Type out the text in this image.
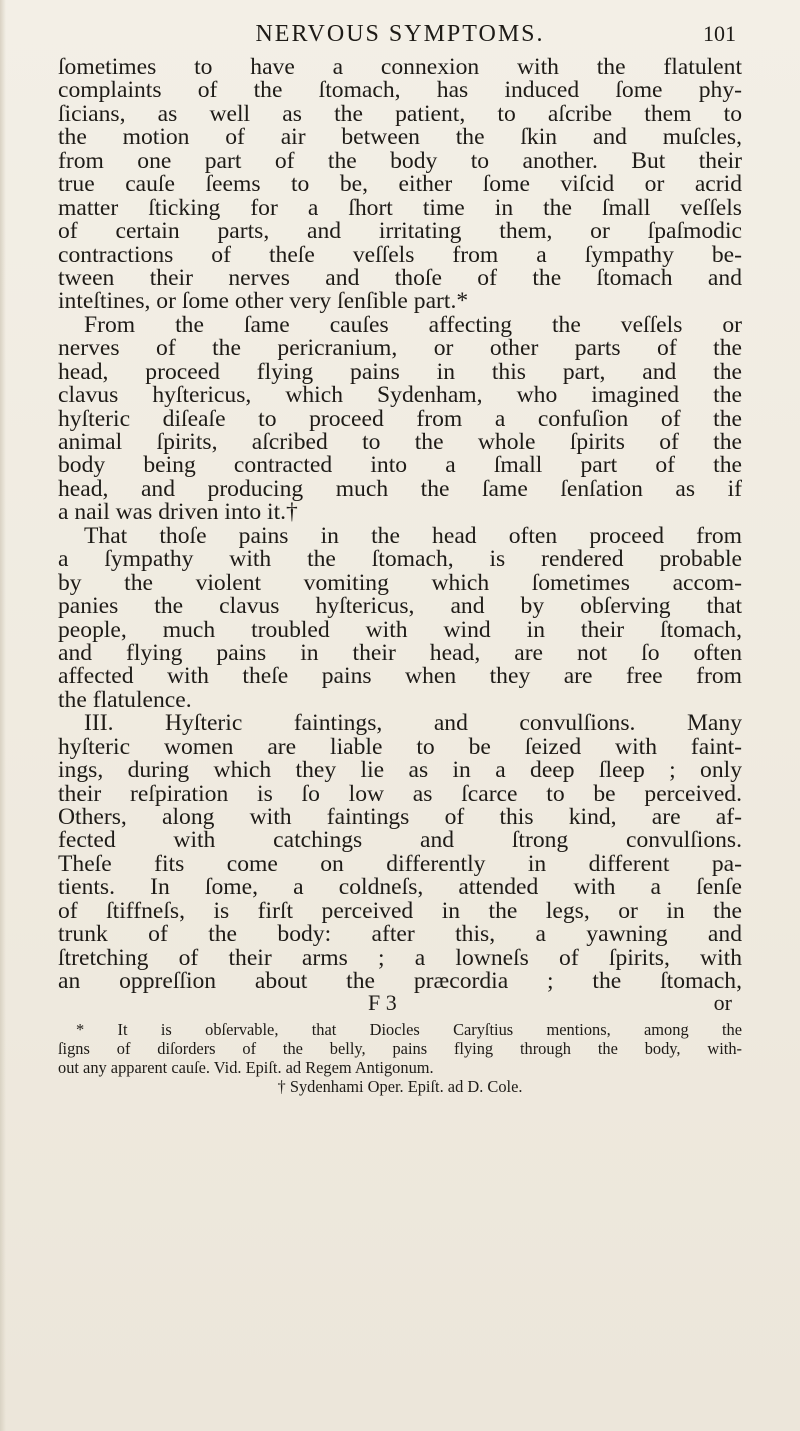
NERVOUS SYMPTOMS.	101
ſometimes to have a connexion with the flatulent
complaints of the ſtomach, has induced ſome phy-
ſicians, as well as the patient, to aſcribe them to
the motion of air between the ſkin and muſcles,
from one part of the body to another. But their
true cauſe ſeems to be, either ſome viſcid or acrid
matter ſticking for a ſhort time in the ſmall veſſels
of certain parts, and irritating them, or ſpaſmodic
contractions of theſe veſſels from a ſympathy be-
tween their nerves and thoſe of the ſtomach and
inteſtines, or ſome other very ſenſible part.*
From the ſame cauſes affecting the veſſels or
nerves of the pericranium, or other parts of the
head, proceed flying pains in this part, and the
clavus hyſtericus, which Sydenham, who imagined the
hyſteric diſeaſe to proceed from a confuſion of the
animal ſpirits, aſcribed to the whole ſpirits of the
body being contracted into a ſmall part of the
head, and producing much the ſame ſenſation as if
a nail was driven into it.†
That thoſe pains in the head often proceed from
a ſympathy with the ſtomach, is rendered probable
by the violent vomiting which ſometimes accom-
panies the clavus hyſtericus, and by obſerving that
people, much troubled with wind in their ſtomach,
and flying pains in their head, are not ſo often
affected with theſe pains when they are free from
the flatulence.
III. Hyſteric faintings, and convulſions. Many
hyſteric women are liable to be ſeized with faint-
ings, during which they lie as in a deep ſleep ; only
their reſpiration is ſo low as ſcarce to be perceived.
Others, along with faintings of this kind, are af-
fected with catchings and ſtrong convulſions.
Theſe fits come on differently in different pa-
tients. In ſome, a coldneſs, attended with a ſenſe
of ſtiffneſs, is firſt perceived in the legs, or in the
trunk of the body: after this, a yawning and
ſtretching of their arms ; a lowneſs of ſpirits, with
an oppreſſion about the præcordia ; the ſtomach,
F 3	or
* It is obſervable, that Diocles Caryſtius mentions, among the
ſigns of diſorders of the belly, pains flying through the body, with-
out any apparent cauſe. Vid. Epiſt. ad Regem Antigonum.
† Sydenhami Oper. Epiſt. ad D. Cole.
